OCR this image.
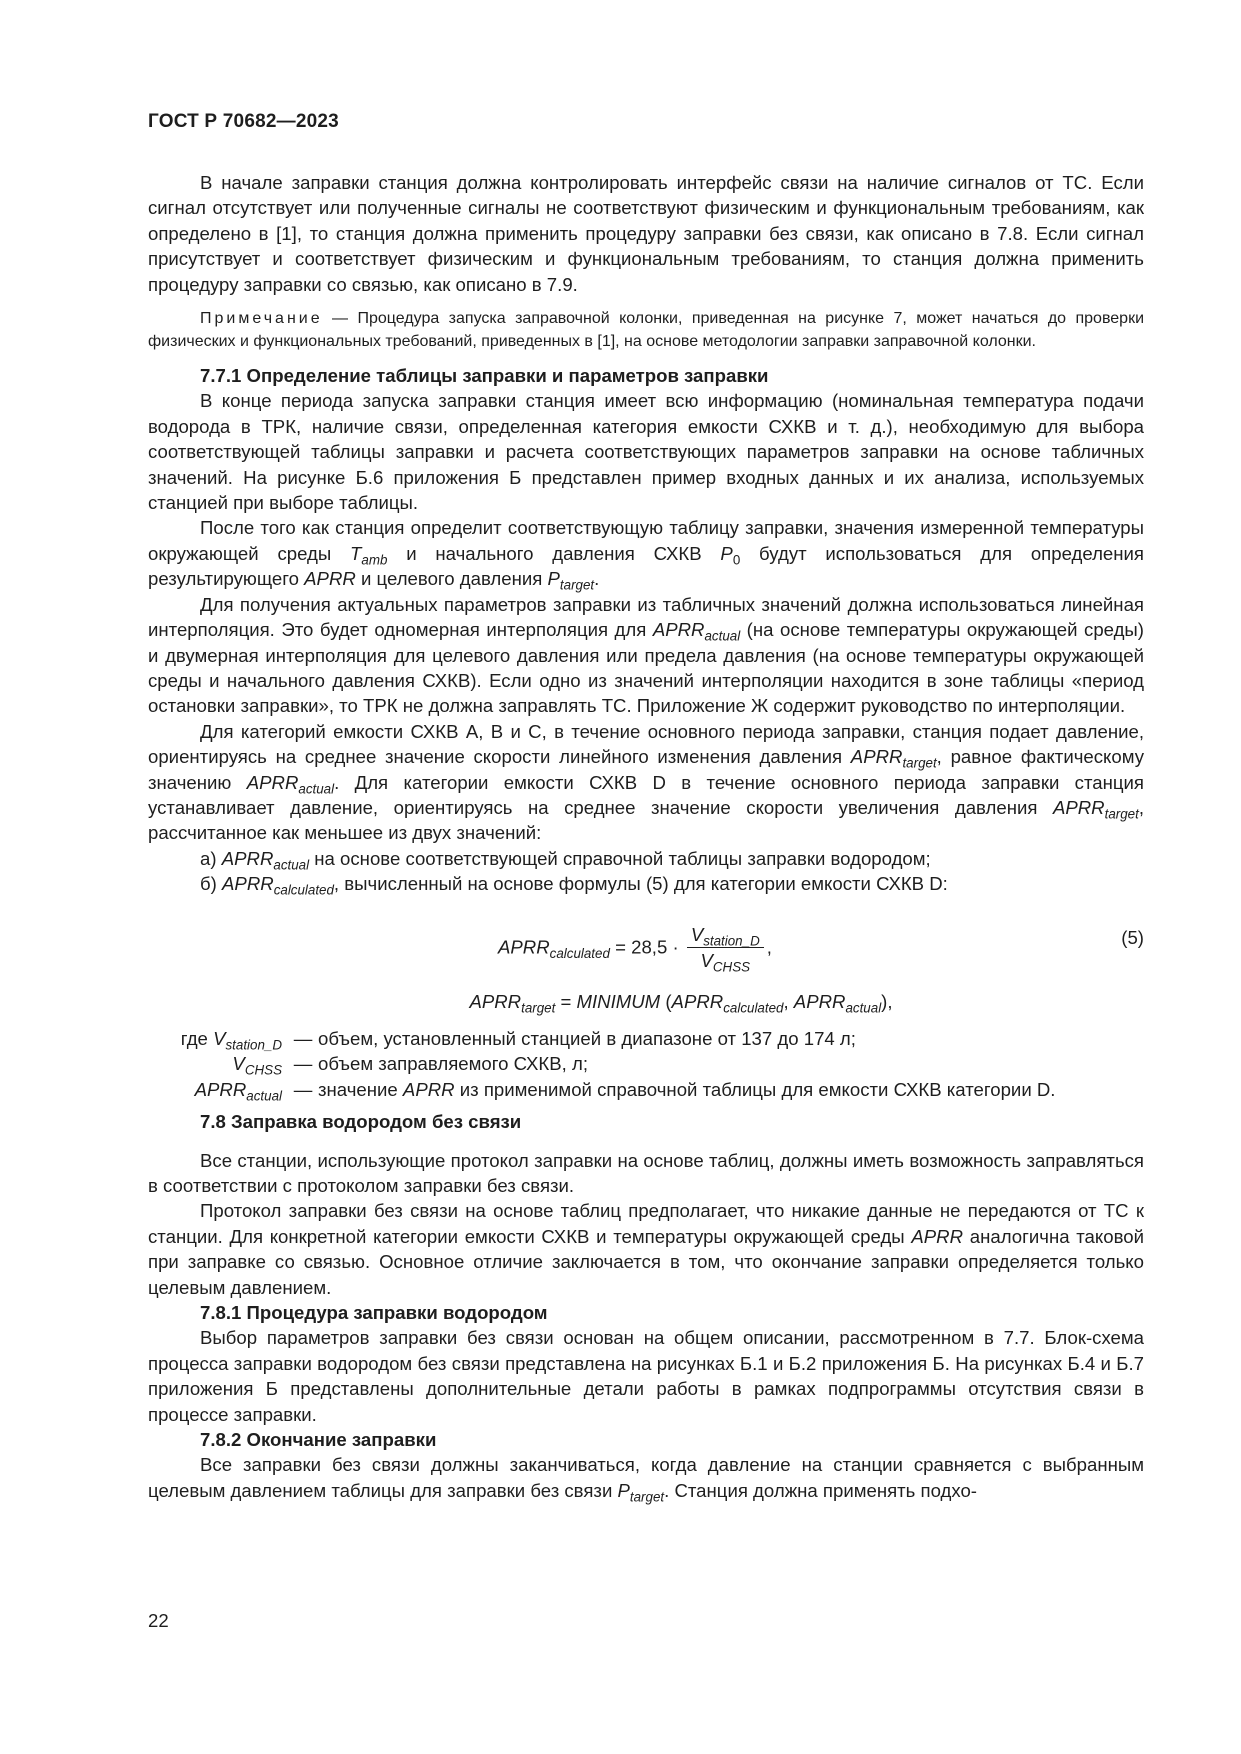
ГОСТ Р 70682—2023

В начале заправки станция должна контролировать интерфейс связи на наличие сигналов от ТС. Если сигнал отсутствует или полученные сигналы не соответствуют физическим и функциональным требованиям, как определено в [1], то станция должна применить процедуру заправки без связи, как описано в 7.8. Если сигнал присутствует и соответствует физическим и функциональным требованиям, то станция должна применить процедуру заправки со связью, как описано в 7.9.

Примечание — Процедура запуска заправочной колонки, приведенная на рисунке 7, может начаться до проверки физических и функциональных требований, приведенных в [1], на основе методологии заправки заправочной колонки.

7.7.1 Определение таблицы заправки и параметров заправки

В конце периода запуска заправки станция имеет всю информацию (номинальная температура подачи водорода в ТРК, наличие связи, определенная категория емкости СХКВ и т. д.), необходимую для выбора соответствующей таблицы заправки и расчета соответствующих параметров заправки на основе табличных значений. На рисунке Б.6 приложения Б представлен пример входных данных и их анализа, используемых станцией при выборе таблицы.

После того как станция определит соответствующую таблицу заправки, значения измеренной температуры окружающей среды $T_{amb}$ и начального давления СХКВ $P_0$ будут использоваться для определения результирующего APRR и целевого давления $P_{target}$.

Для получения актуальных параметров заправки из табличных значений должна использоваться линейная интерполяция. Это будет одномерная интерполяция для $APRR_{actual}$ (на основе температуры окружающей среды) и двумерная интерполяция для целевого давления или предела давления (на основе температуры окружающей среды и начального давления СХКВ). Если одно из значений интерполяции находится в зоне таблицы «период остановки заправки», то ТРК не должна заправлять ТС. Приложение Ж содержит руководство по интерполяции.

Для категорий емкости СХКВ А, В и С, в течение основного периода заправки, станция подает давление, ориентируясь на среднее значение скорости линейного изменения давления $APRR_{target}$, равное фактическому значению $APRR_{actual}$. Для категории емкости СХКВ D в течение основного периода заправки станция устанавливает давление, ориентируясь на среднее значение скорости увеличения давления $APRR_{target}$, рассчитанное как меньшее из двух значений:

а) $APRR_{actual}$ на основе соответствующей справочной таблицы заправки водородом;

б) $APRR_{calculated}$, вычисленный на основе формулы (5) для категории емкости СХКВ D:

$APRR_{calculated} = 28,5 \cdot \frac{V_{station\_D}}{V_{CHSS}}$ ,	(5)
$APRR_{target}$ = MINIMUM ($APRR_{calculated}$, $APRR_{actual}$),
где $V_{station\_D}$ — объем, установленный станцией в диапазоне от 137 до 174 л;
$V_{CHSS}$ — объем заправляемого СХКВ, л;
$APRR_{actual}$ — значение APRR из применимой справочной таблицы для емкости СХКВ категории D.

7.8 Заправка водородом без связи

Все станции, использующие протокол заправки на основе таблиц, должны иметь возможность заправляться в соответствии с протоколом заправки без связи.

Протокол заправки без связи на основе таблиц предполагает, что никакие данные не передаются от ТС к станции. Для конкретной категории емкости СХКВ и температуры окружающей среды APRR аналогична таковой при заправке со связью. Основное отличие заключается в том, что окончание заправки определяется только целевым давлением.

7.8.1 Процедура заправки водородом

Выбор параметров заправки без связи основан на общем описании, рассмотренном в 7.7. Блок-схема процесса заправки водородом без связи представлена на рисунках Б.1 и Б.2 приложения Б. На рисунках Б.4 и Б.7 приложения Б представлены дополнительные детали работы в рамках подпрограммы отсутствия связи в процессе заправки.

7.8.2 Окончание заправки

Все заправки без связи должны заканчиваться, когда давление на станции сравняется с выбранным целевым давлением таблицы для заправки без связи $P_{target}$. Станция должна применять подхо-

22
